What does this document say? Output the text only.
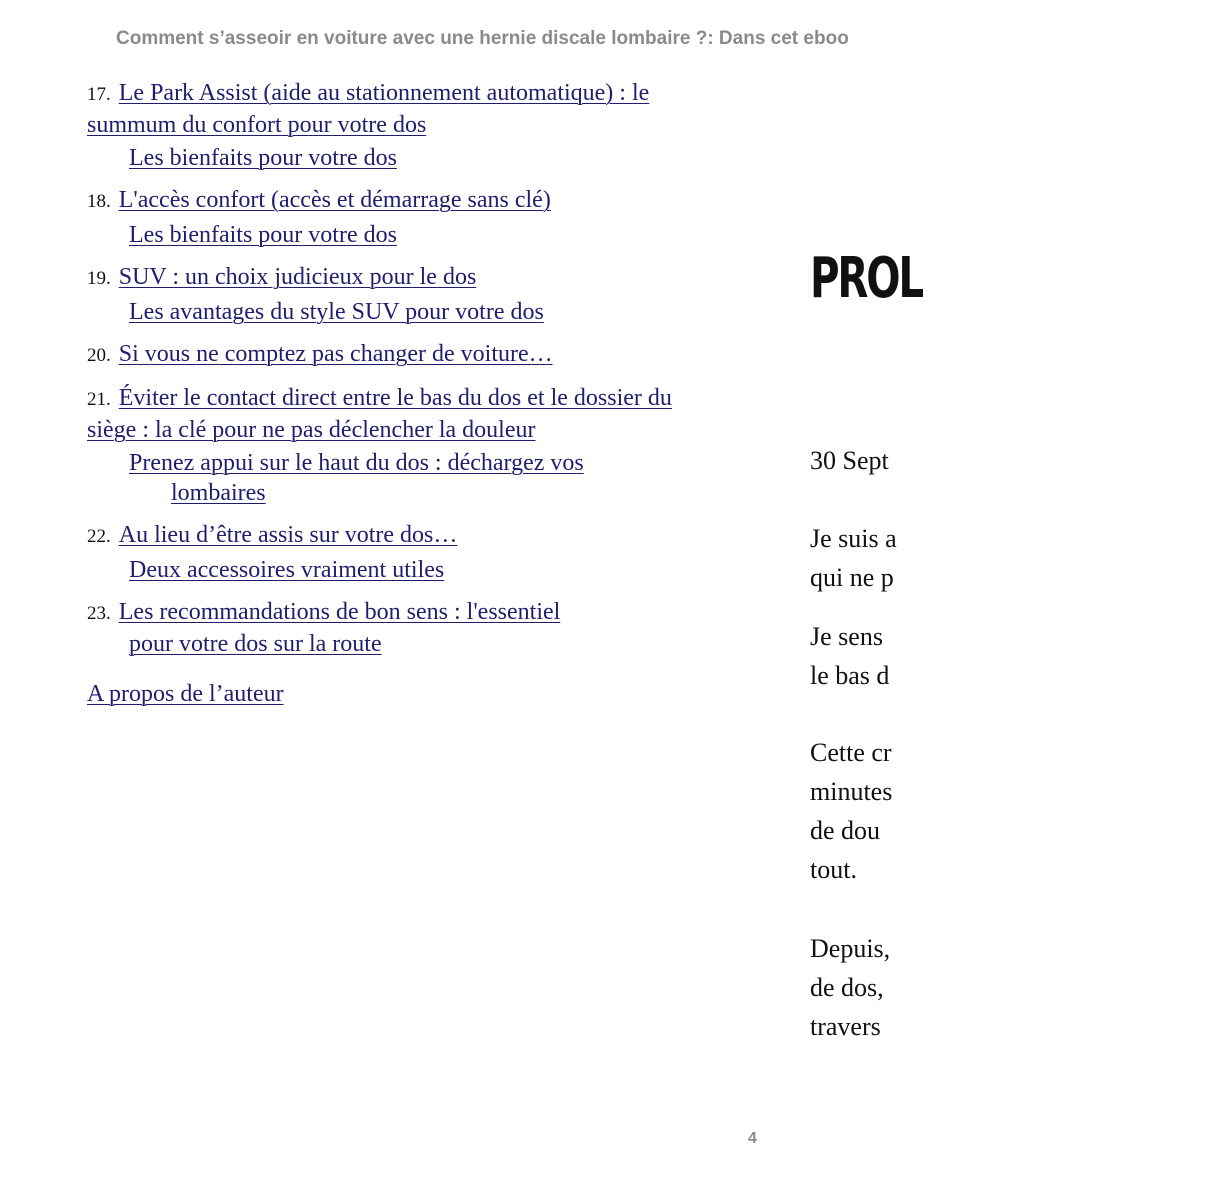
Comment s’asseoir en voiture avec une hernie discale lombaire ?: Dans cet eboo
17. Le Park Assist (aide au stationnement automatique) : le summum du confort pour votre dos
Les bienfaits pour votre dos
18. L'accès confort (accès et démarrage sans clé)
Les bienfaits pour votre dos
19. SUV : un choix judicieux pour le dos
Les avantages du style SUV pour votre dos
20. Si vous ne comptez pas changer de voiture…
21. Éviter le contact direct entre le bas du dos et le dossier du siège : la clé pour ne pas déclencher la douleur
Prenez appui sur le haut du dos : déchargez vos lombaires
22. Au lieu d’être assis sur votre dos…
Deux accessoires vraiment utiles
23. Les recommandations de bon sens : l'essentiel
pour votre dos sur la route
A propos de l’auteur
PROL
30 Sept
Je suis a
qui ne p
Je sens
le bas d
Cette cr
minutes
de dou
tout.
Depuis,
de dos,
travers
4
